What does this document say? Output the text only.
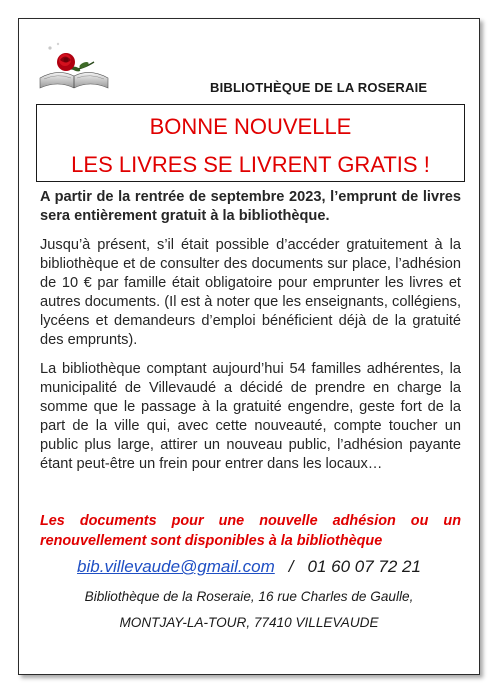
BIBLIOTHÈQUE DE LA ROSERAIE
BONNE NOUVELLE
LES LIVRES SE LIVRENT GRATIS !

A partir de la rentrée de septembre 2023, l’emprunt de livres sera entièrement gratuit à la bibliothèque.

Jusqu’à présent, s’il était possible d’accéder gratuitement à la bibliothèque et de consulter des documents sur place, l’adhésion de 10 € par famille était obligatoire pour emprunter les livres et autres documents. (Il est à noter que les enseignants, collégiens, lycéens et demandeurs d’emploi bénéficient déjà de la gratuité des emprunts).

La bibliothèque comptant aujourd’hui 54 familles adhérentes, la municipalité de Villevaudé a décidé de prendre en charge la somme que le passage à la gratuité engendre, geste fort de la part de la ville qui, avec cette nouveauté, compte toucher un public plus large, attirer un nouveau public, l’adhésion payante étant peut-être un frein pour entrer dans les locaux…

Les documents pour une nouvelle adhésion ou un renouvellement sont disponibles à la bibliothèque
bib.villevaude@gmail.com / 01 60 07 72 21
Bibliothèque de la Roseraie, 16 rue Charles de Gaulle,
MONTJAY-LA-TOUR, 77410 VILLEVAUDE
